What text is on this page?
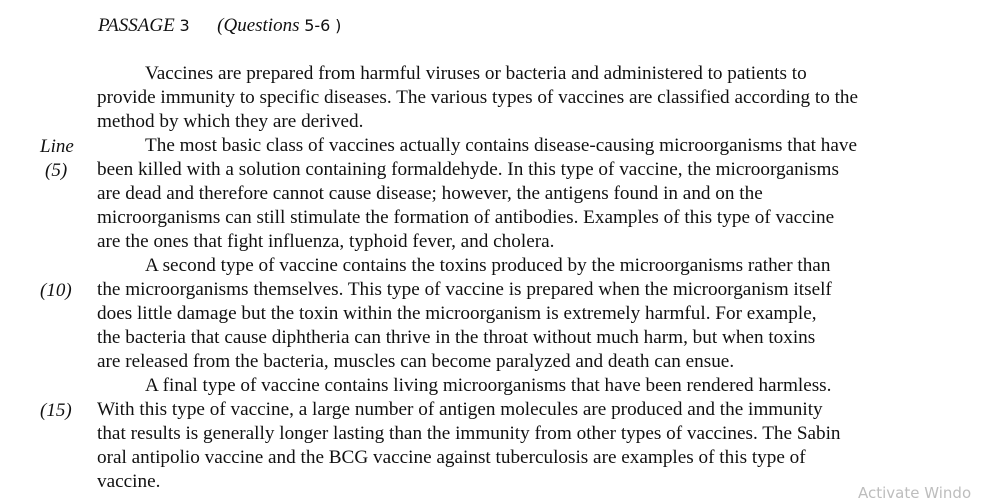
PASSAGE 3 (Questions 5-6 )
Line
(5)
(10)
(15)
Vaccines are prepared from harmful viruses or bacteria and administered to patients to
provide immunity to specific diseases. The various types of vaccines are classified according to the
method by which they are derived.
The most basic class of vaccines actually contains disease-causing microorganisms that have
been killed with a solution containing formaldehyde. In this type of vaccine, the microorganisms
are dead and therefore cannot cause disease; however, the antigens found in and on the
microorganisms can still stimulate the formation of antibodies. Examples of this type of vaccine
are the ones that fight influenza, typhoid fever, and cholera.
A second type of vaccine contains the toxins produced by the microorganisms rather than
the microorganisms themselves. This type of vaccine is prepared when the microorganism itself
does little damage but the toxin within the microorganism is extremely harmful. For example,
the bacteria that cause diphtheria can thrive in the throat without much harm, but when toxins
are released from the bacteria, muscles can become paralyzed and death can ensue.
A final type of vaccine contains living microorganisms that have been rendered harmless.
With this type of vaccine, a large number of antigen molecules are produced and the immunity
that results is generally longer lasting than the immunity from other types of vaccines. The Sabin
oral antipolio vaccine and the BCG vaccine against tuberculosis are examples of this type of
vaccine.
Activate Windo
